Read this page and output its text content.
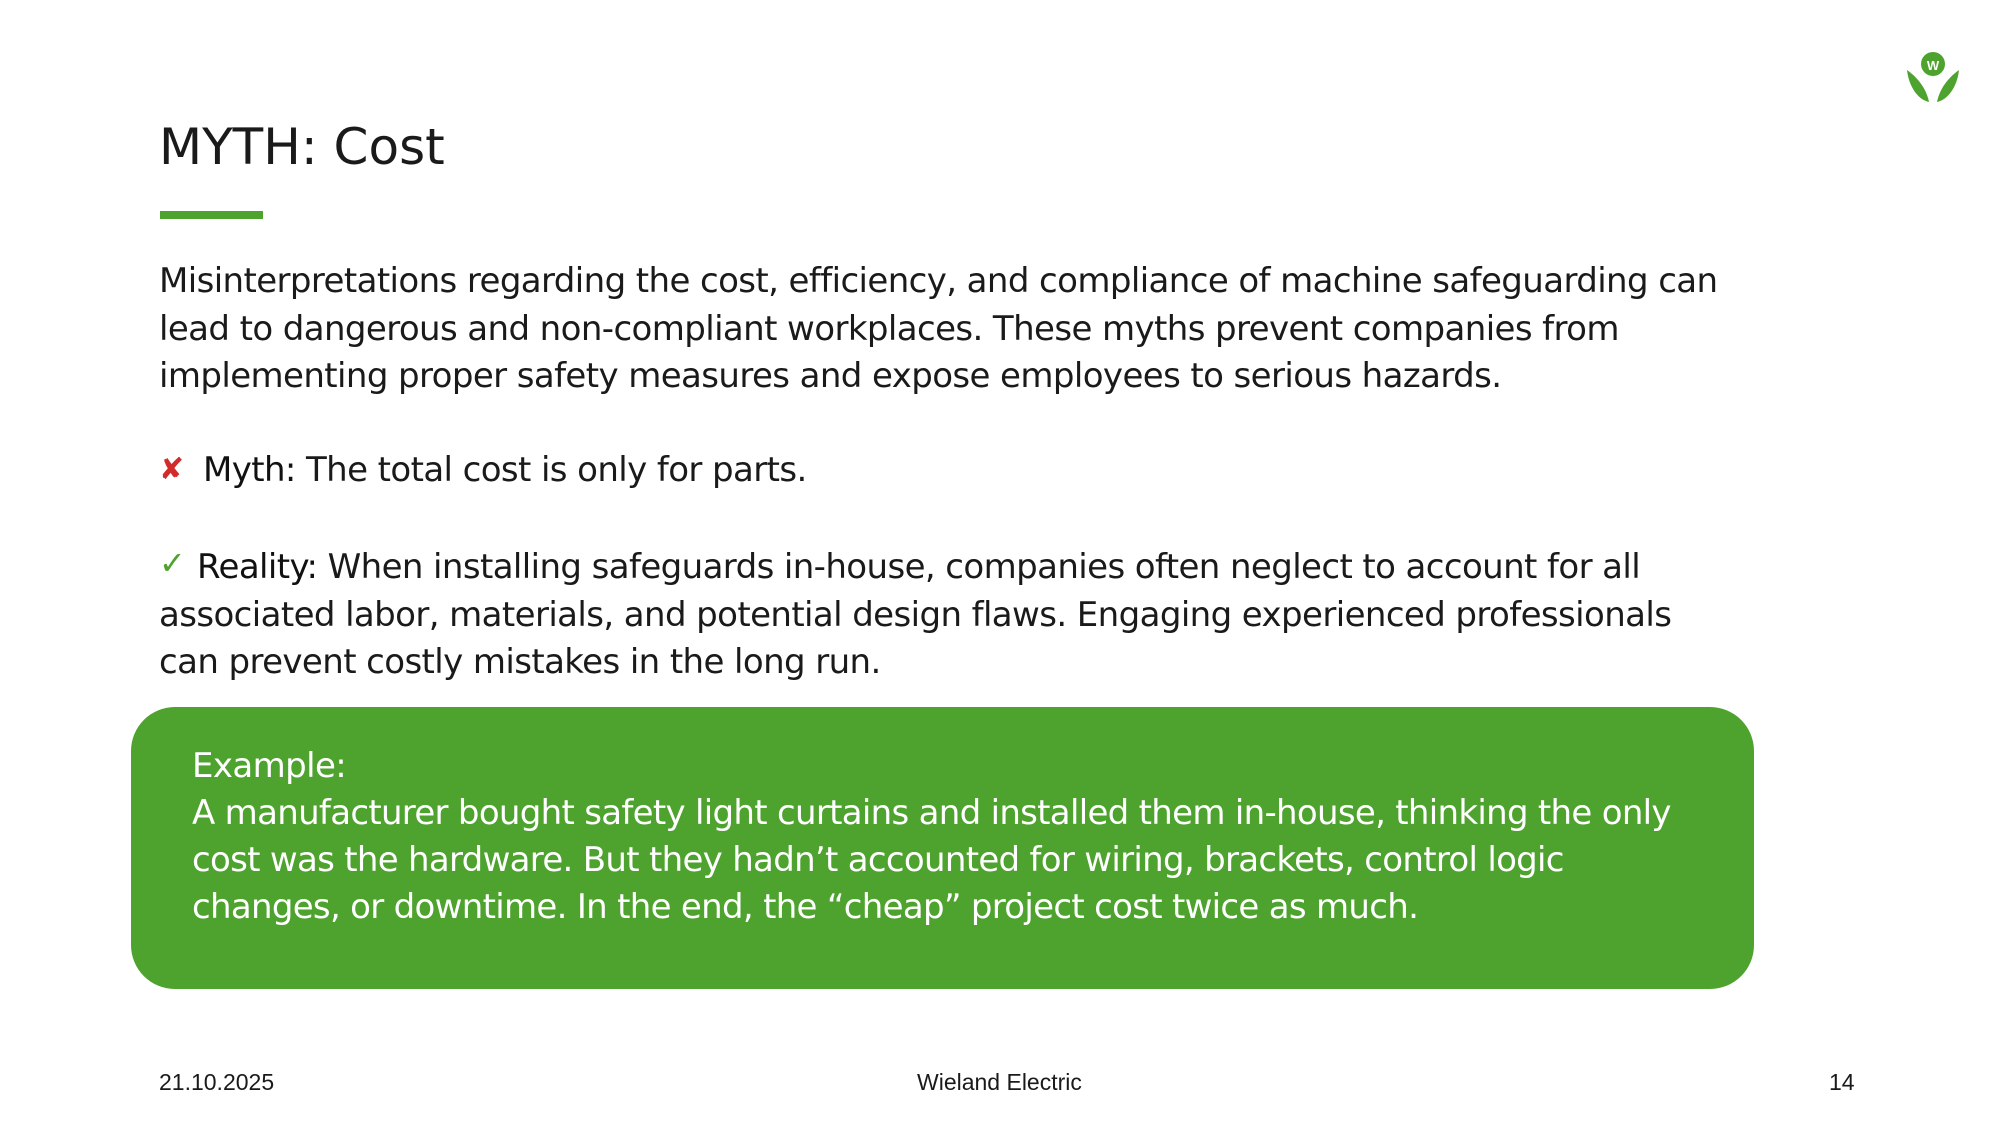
W
MYTH: Cost

Misinterpretations regarding the cost, efficiency, and compliance of machine safeguarding can lead to dangerous and non-compliant workplaces. These myths prevent companies from implementing proper safety measures and expose employees to serious hazards.

✘ Myth: The total cost is only for parts.

✓ Reality: When installing safeguards in-house, companies often neglect to account for all associated labor, materials, and potential design flaws. Engaging experienced professionals can prevent costly mistakes in the long run.

Example:

A manufacturer bought safety light curtains and installed them in-house, thinking the only cost was the hardware. But they hadn’t accounted for wiring, brackets, control logic changes, or downtime. In the end, the “cheap” project cost twice as much.

21.10.2025	Wieland Electric	14
